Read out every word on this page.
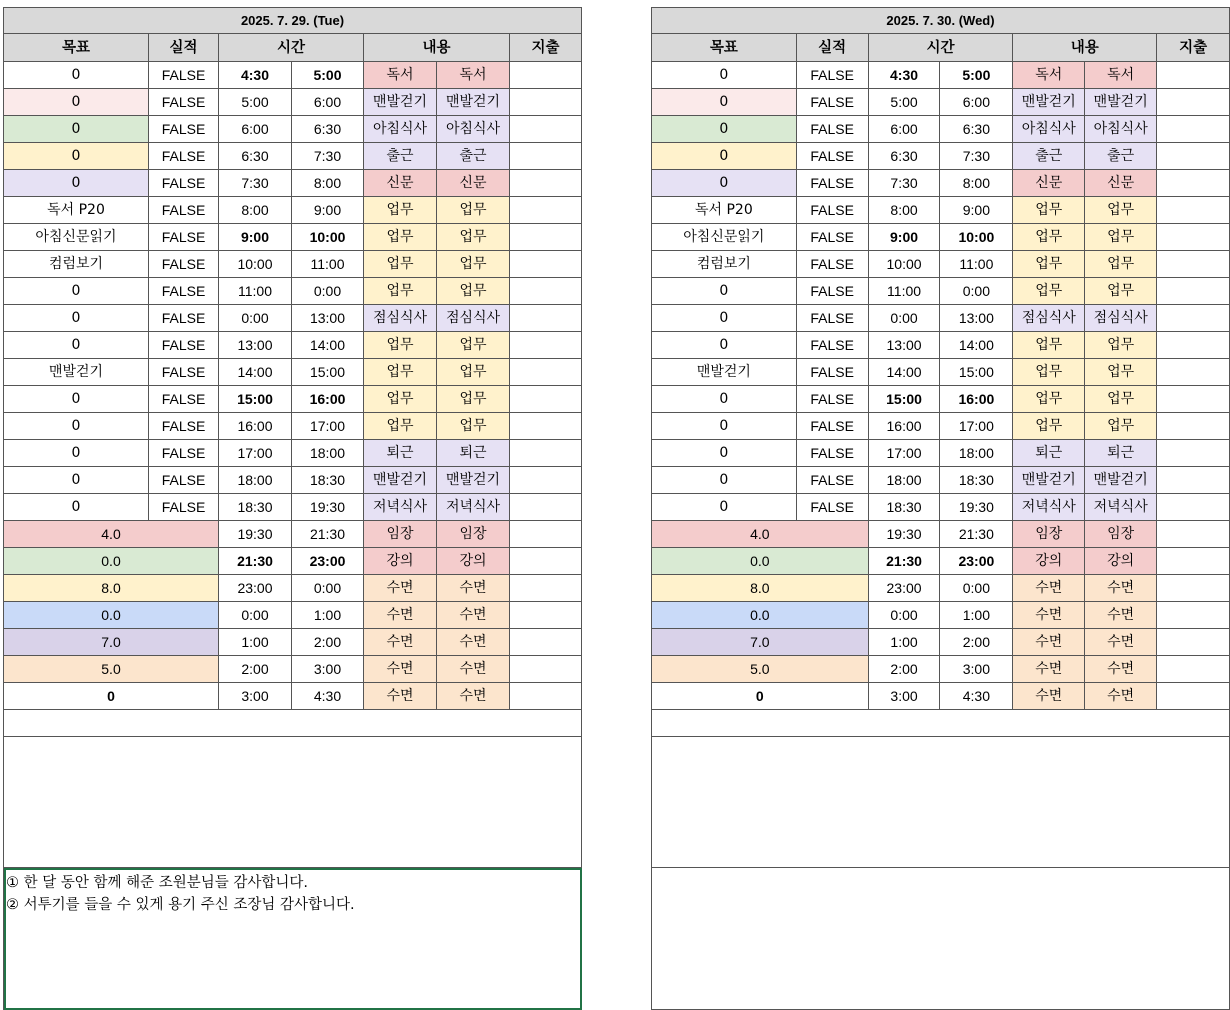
2025. 7. 29. (Tue)						
목표	실적	시간		내용		지출
0	FALSE	4:30	5:00	독서	독서	
0	FALSE	5:00	6:00	맨발걷기	맨발걷기	
0	FALSE	6:00	6:30	아침식사	아침식사	
0	FALSE	6:30	7:30	출근	출근	
0	FALSE	7:30	8:00	신문	신문	
독서 P20	FALSE	8:00	9:00	업무	업무	
아침신문읽기	FALSE	9:00	10:00	업무	업무	
컴럼보기	FALSE	10:00	11:00	업무	업무	
0	FALSE	11:00	0:00	업무	업무	
0	FALSE	0:00	13:00	점심식사	점심식사	
0	FALSE	13:00	14:00	업무	업무	
맨발걷기	FALSE	14:00	15:00	업무	업무	
0	FALSE	15:00	16:00	업무	업무	
0	FALSE	16:00	17:00	업무	업무	
0	FALSE	17:00	18:00	퇴근	퇴근	
0	FALSE	18:00	18:30	맨발걷기	맨발걷기	
0	FALSE	18:30	19:30	저녁식사	저녁식사	
4.0		19:30	21:30	임장	임장	
0.0		21:30	23:00	강의	강의	
8.0		23:00	0:00	수면	수면	
0.0		0:00	1:00	수면	수면	
7.0		1:00	2:00	수면	수면	
5.0		2:00	3:00	수면	수면	
0		3:00	4:30	수면	수면	

① 한 달 동안 함께 해준 조원분님들 감사합니다.
② 서투기를 들을 수 있게 용기 주신 조장님 감사합니다.						
2025. 7. 30. (Wed)						
목표	실적	시간		내용		지출
0	FALSE	4:30	5:00	독서	독서	
0	FALSE	5:00	6:00	맨발걷기	맨발걷기	
0	FALSE	6:00	6:30	아침식사	아침식사	
0	FALSE	6:30	7:30	출근	출근	
0	FALSE	7:30	8:00	신문	신문	
독서 P20	FALSE	8:00	9:00	업무	업무	
아침신문읽기	FALSE	9:00	10:00	업무	업무	
컴럼보기	FALSE	10:00	11:00	업무	업무	
0	FALSE	11:00	0:00	업무	업무	
0	FALSE	0:00	13:00	점심식사	점심식사	
0	FALSE	13:00	14:00	업무	업무	
맨발걷기	FALSE	14:00	15:00	업무	업무	
0	FALSE	15:00	16:00	업무	업무	
0	FALSE	16:00	17:00	업무	업무	
0	FALSE	17:00	18:00	퇴근	퇴근	
0	FALSE	18:00	18:30	맨발걷기	맨발걷기	
0	FALSE	18:30	19:30	저녁식사	저녁식사	
4.0		19:30	21:30	임장	임장	
0.0		21:30	23:00	강의	강의	
8.0		23:00	0:00	수면	수면	
0.0		0:00	1:00	수면	수면	
7.0		1:00	2:00	수면	수면	
5.0		2:00	3:00	수면	수면	
0		3:00	4:30	수면	수면	
